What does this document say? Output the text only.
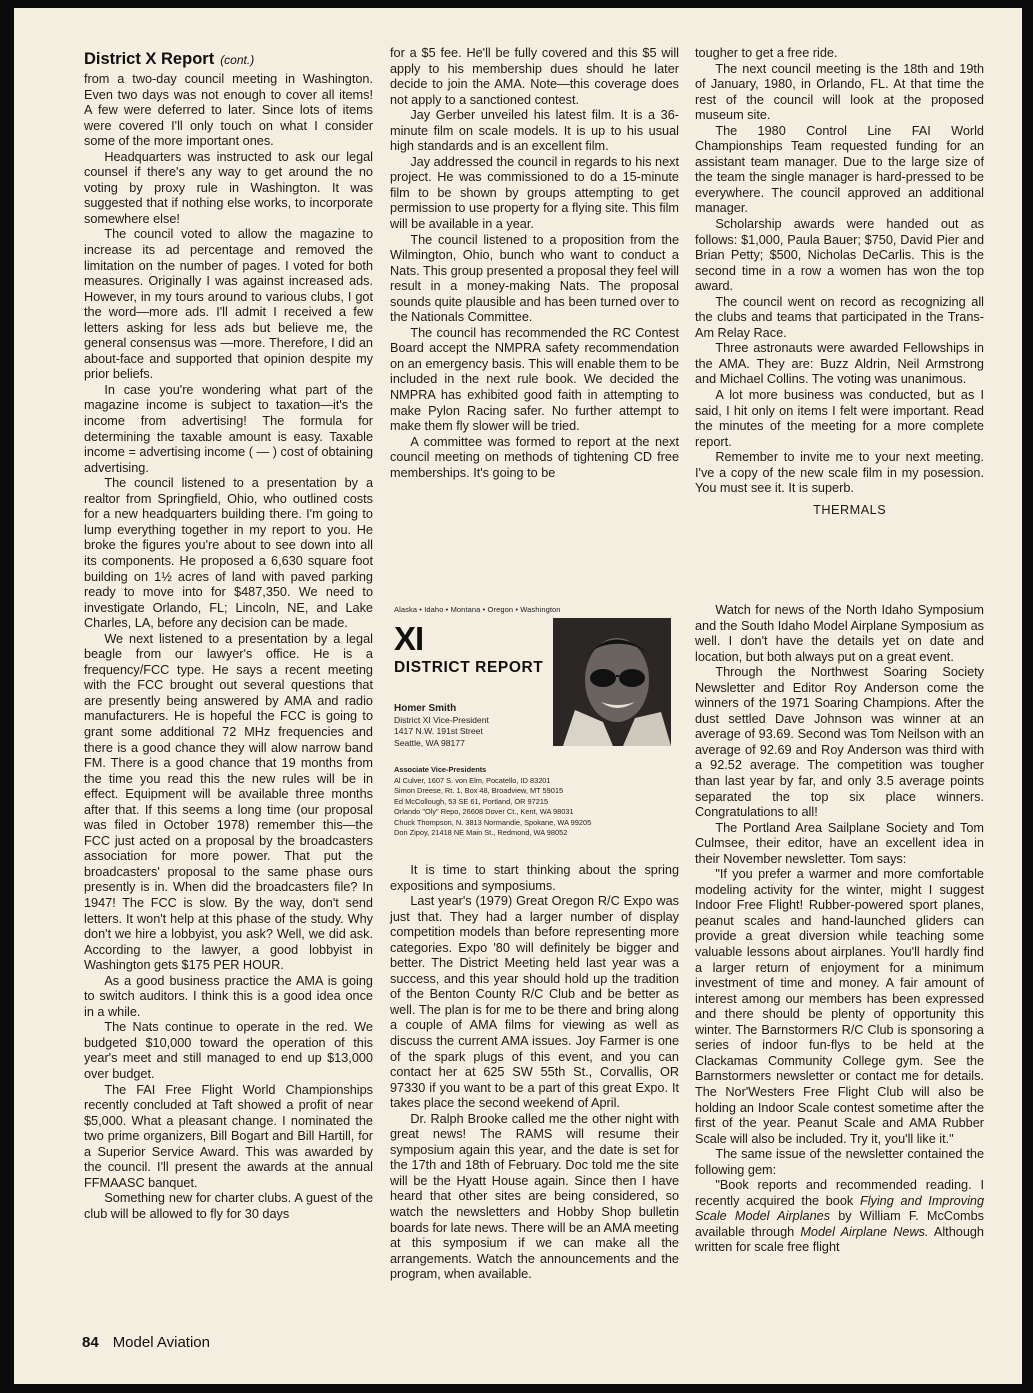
District X Report (cont.)

from a two-day council meeting in Washington. Even two days was not enough to cover all items! A few were deferred to later. Since lots of items were covered I'll only touch on what I consider some of the more important ones.

Headquarters was instructed to ask our legal counsel if there's any way to get around the no voting by proxy rule in Washington. It was suggested that if nothing else works, to incorporate somewhere else!

The council voted to allow the magazine to increase its ad percentage and removed the limitation on the number of pages. I voted for both measures. Originally I was against increased ads. However, in my tours around to various clubs, I got the word—more ads. I'll admit I received a few letters asking for less ads but believe me, the general consensus was —more. Therefore, I did an about-face and supported that opinion despite my prior beliefs.

In case you're wondering what part of the magazine income is subject to taxation—it's the income from advertising! The formula for determining the taxable amount is easy. Taxable income = advertising income ( — ) cost of obtaining advertising.

The council listened to a presentation by a realtor from Springfield, Ohio, who outlined costs for a new headquarters building there. I'm going to lump everything together in my report to you. He broke the figures you're about to see down into all its components. He proposed a 6,630 square foot building on 1½ acres of land with paved parking ready to move into for $487,350. We need to investigate Orlando, FL; Lincoln, NE, and Lake Charles, LA, before any decision can be made.

We next listened to a presentation by a legal beagle from our lawyer's office. He is a frequency/FCC type. He says a recent meeting with the FCC brought out several questions that are presently being answered by AMA and radio manufacturers. He is hopeful the FCC is going to grant some additional 72 MHz frequencies and there is a good chance they will alow narrow band FM. There is a good chance that 19 months from the time you read this the new rules will be in effect. Equipment will be available three months after that. If this seems a long time (our proposal was filed in October 1978) remember this—the FCC just acted on a proposal by the broadcasters association for more power. That put the broadcasters' proposal to the same phase ours presently is in. When did the broadcasters file? In 1947! The FCC is slow. By the way, don't send letters. It won't help at this phase of the study. Why don't we hire a lobbyist, you ask? Well, we did ask. According to the lawyer, a good lobbyist in Washington gets $175 PER HOUR.

As a good business practice the AMA is going to switch auditors. I think this is a good idea once in a while.

The Nats continue to operate in the red. We budgeted $10,000 toward the operation of this year's meet and still managed to end up $13,000 over budget.

The FAI Free Flight World Championships recently concluded at Taft showed a profit of near $5,000. What a pleasant change. I nominated the two prime organizers, Bill Bogart and Bill Hartill, for a Superior Service Award. This was awarded by the council. I'll present the awards at the annual FFMAASC banquet.

Something new for charter clubs. A guest of the club will be allowed to fly for 30 days

for a $5 fee. He'll be fully covered and this $5 will apply to his membership dues should he later decide to join the AMA. Note—this coverage does not apply to a sanctioned contest.

Jay Gerber unveiled his latest film. It is a 36-minute film on scale models. It is up to his usual high standards and is an excellent film.

Jay addressed the council in regards to his next project. He was commissioned to do a 15-minute film to be shown by groups attempting to get permission to use property for a flying site. This film will be available in a year.

The council listened to a proposition from the Wilmington, Ohio, bunch who want to conduct a Nats. This group presented a proposal they feel will result in a money-making Nats. The proposal sounds quite plausible and has been turned over to the Nationals Committee.

The council has recommended the RC Contest Board accept the NMPRA safety recommendation on an emergency basis. This will enable them to be included in the next rule book. We decided the NMPRA has exhibited good faith in attempting to make Pylon Racing safer. No further attempt to make them fly slower will be tried.

A committee was formed to report at the next council meeting on methods of tightening CD free memberships. It's going to be

tougher to get a free ride.

The next council meeting is the 18th and 19th of January, 1980, in Orlando, FL. At that time the rest of the council will look at the proposed museum site.

The 1980 Control Line FAI World Championships Team requested funding for an assistant team manager. Due to the large size of the team the single manager is hard-pressed to be everywhere. The council approved an additional manager.

Scholarship awards were handed out as follows: $1,000, Paula Bauer; $750, David Pier and Brian Petty; $500, Nicholas DeCarlis. This is the second time in a row a women has won the top award.

The council went on record as recognizing all the clubs and teams that participated in the Trans-Am Relay Race.

Three astronauts were awarded Fellowships in the AMA. They are: Buzz Aldrin, Neil Armstrong and Michael Collins. The voting was unanimous.

A lot more business was conducted, but as I said, I hit only on items I felt were important. Read the minutes of the meeting for a more complete report.

Remember to invite me to your next meeting. I've a copy of the new scale film in my posession. You must see it. It is superb.

THERMALS

Alaska • Idaho • Montana • Oregon • Washington
XI
DISTRICT REPORT
Homer Smith
District XI Vice-President
1417 N.W. 191st Street
Seattle, WA 98177
Associate Vice-Presidents
Al Culver, 1607 S. von Elm, Pocatello, ID 83201
Simon Dreese, Rt. 1, Box 48, Broadview, MT 59015
Ed McCollough, 53 SE 61, Portland, OR 97215
Orlando "Oly" Repo, 26608 Dover Ct., Kent, WA 98031
Chuck Thompson, N. 3813 Normandie, Spokane, WA 99205
Don Zipoy, 21418 NE Main St., Redmond, WA 98052

It is time to start thinking about the spring expositions and symposiums.

Last year's (1979) Great Oregon R/C Expo was just that. They had a larger number of display competition models than before representing more categories. Expo '80 will definitely be bigger and better. The District Meeting held last year was a success, and this year should hold up the tradition of the Benton County R/C Club and be better as well. The plan is for me to be there and bring along a couple of AMA films for viewing as well as discuss the current AMA issues. Joy Farmer is one of the spark plugs of this event, and you can contact her at 625 SW 55th St., Corvallis, OR 97330 if you want to be a part of this great Expo. It takes place the second weekend of April.

Dr. Ralph Brooke called me the other night with great news! The RAMS will resume their symposium again this year, and the date is set for the 17th and 18th of February. Doc told me the site will be the Hyatt House again. Since then I have heard that other sites are being considered, so watch the newsletters and Hobby Shop bulletin boards for late news. There will be an AMA meeting at this symposium if we can make all the arrangements. Watch the announcements and the program, when available.

Watch for news of the North Idaho Symposium and the South Idaho Model Airplane Symposium as well. I don't have the details yet on date and location, but both always put on a great event.

Through the Northwest Soaring Society Newsletter and Editor Roy Anderson come the winners of the 1971 Soaring Champions. After the dust settled Dave Johnson was winner at an average of 93.69. Second was Tom Neilson with an average of 92.69 and Roy Anderson was third with a 92.52 average. The competition was tougher than last year by far, and only 3.5 average points separated the top six place winners. Congratulations to all!

The Portland Area Sailplane Society and Tom Culmsee, their editor, have an excellent idea in their November newsletter. Tom says:

"If you prefer a warmer and more comfortable modeling activity for the winter, might I suggest Indoor Free Flight! Rubber-powered sport planes, peanut scales and hand-launched gliders can provide a great diversion while teaching some valuable lessons about airplanes. You'll hardly find a larger return of enjoyment for a minimum investment of time and money. A fair amount of interest among our members has been expressed and there should be plenty of opportunity this winter. The Barnstormers R/C Club is sponsoring a series of indoor fun-flys to be held at the Clackamas Community College gym. See the Barnstormers newsletter or contact me for details. The Nor'Westers Free Flight Club will also be holding an Indoor Scale contest sometime after the first of the year. Peanut Scale and AMA Rubber Scale will also be included. Try it, you'll like it."

The same issue of the newsletter contained the following gem:

"Book reports and recommended reading. I recently acquired the book Flying and Improving Scale Model Airplanes by William F. McCombs available through Model Airplane News. Although written for scale free flight

84 Model Aviation
